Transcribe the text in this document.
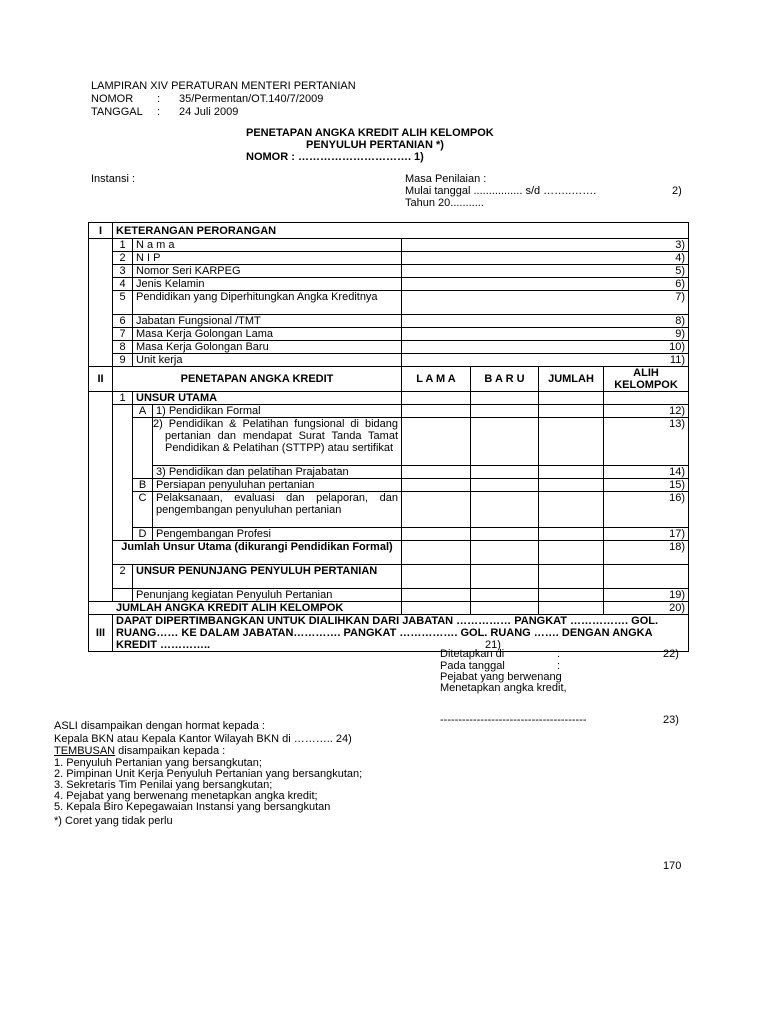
LAMPIRAN XIV PERATURAN MENTERI PERTANIAN
NOMOR : 35/Permentan/OT.140/7/2009
TANGGAL : 24 Juli 2009
PENETAPAN ANGKA KREDIT ALIH KELOMPOK
PENYULUH PERTANIAN *)
NOMOR : …………………………. 1)
Instansi :	Masa Penilaian :
Mulai tanggal ................ s/d ……..…….	2)
Tahun 20...........
I	KETERANGAN PERORANGAN						
	1	N a m a		3)			
	2	N I P		4)			
	3	Nomor Seri KARPEG		5)			
	4	Jenis Kelamin		6)			
	5	Pendidikan yang Diperhitungkan Angka Kreditnya		7)			
	6	Jabatan Fungsional /TMT		8)			
	7	Masa Kerja Golongan Lama		9)			
	8	Masa Kerja Golongan Baru		10)			
	9	Unit kerja		11)			
II	PENETAPAN ANGKA KREDIT			L A M A	B A R U	JUMLAH	ALIH KELOMPOK
	1	UNSUR UTAMA					
		A	1) Pendidikan Formal				12)
			2) Pendidikan & Pelatihan fungsional di bidang pertanian dan mendapat Surat Tanda Tamat Pendidikan & Pelatihan (STTPP) atau sertifikat				13)
			3) Pendidikan dan pelatihan Prajabatan				14)
		B	Persiapan penyuluhan pertanian				15)
		C	Pelaksanaan, evaluasi dan pelaporan, dan pengembangan penyuluhan pertanian				16)
		D	Pengembangan Profesi				17)
	Jumlah Unsur Utama (dikurangi Pendidikan Formal)						18)
	2	UNSUR PENUNJANG PENYULUH PERTANIAN					
		Penunjang kegiatan Penyuluh Pertanian					19)
JUMLAH ANGKA KREDIT ALIH KELOMPOK							20)
III	DAPAT DIPERTIMBANGKAN UNTUK DIALIHKAN DARI JABATAN …………… PANGKAT ……………. GOL. RUANG…… KE DALAM JABATAN…………. PANGKAT ……………. GOL. RUANG ……. DENGAN ANGKA KREDIT ………….. 21)						
Ditetapkan di	:	22)
Pada tanggal	:
Pejabat yang berwenang
Menetapkan angka kredit,
----------------------------------------	23)
ASLI disampaikan dengan hormat kepada :
Kepala BKN atau Kepala Kantor Wilayah BKN di ……….. 24)
TEMBUSAN disampaikan kepada :
1. Penyuluh Pertanian yang bersangkutan;
2. Pimpinan Unit Kerja Penyuluh Pertanian yang bersangkutan;
3. Sekretaris Tim Penilai yang bersangkutan;
4. Pejabat yang berwenang menetapkan angka kredit;
5. Kepala Biro Kepegawaian Instansi yang bersangkutan
*) Coret yang tidak perlu
170
